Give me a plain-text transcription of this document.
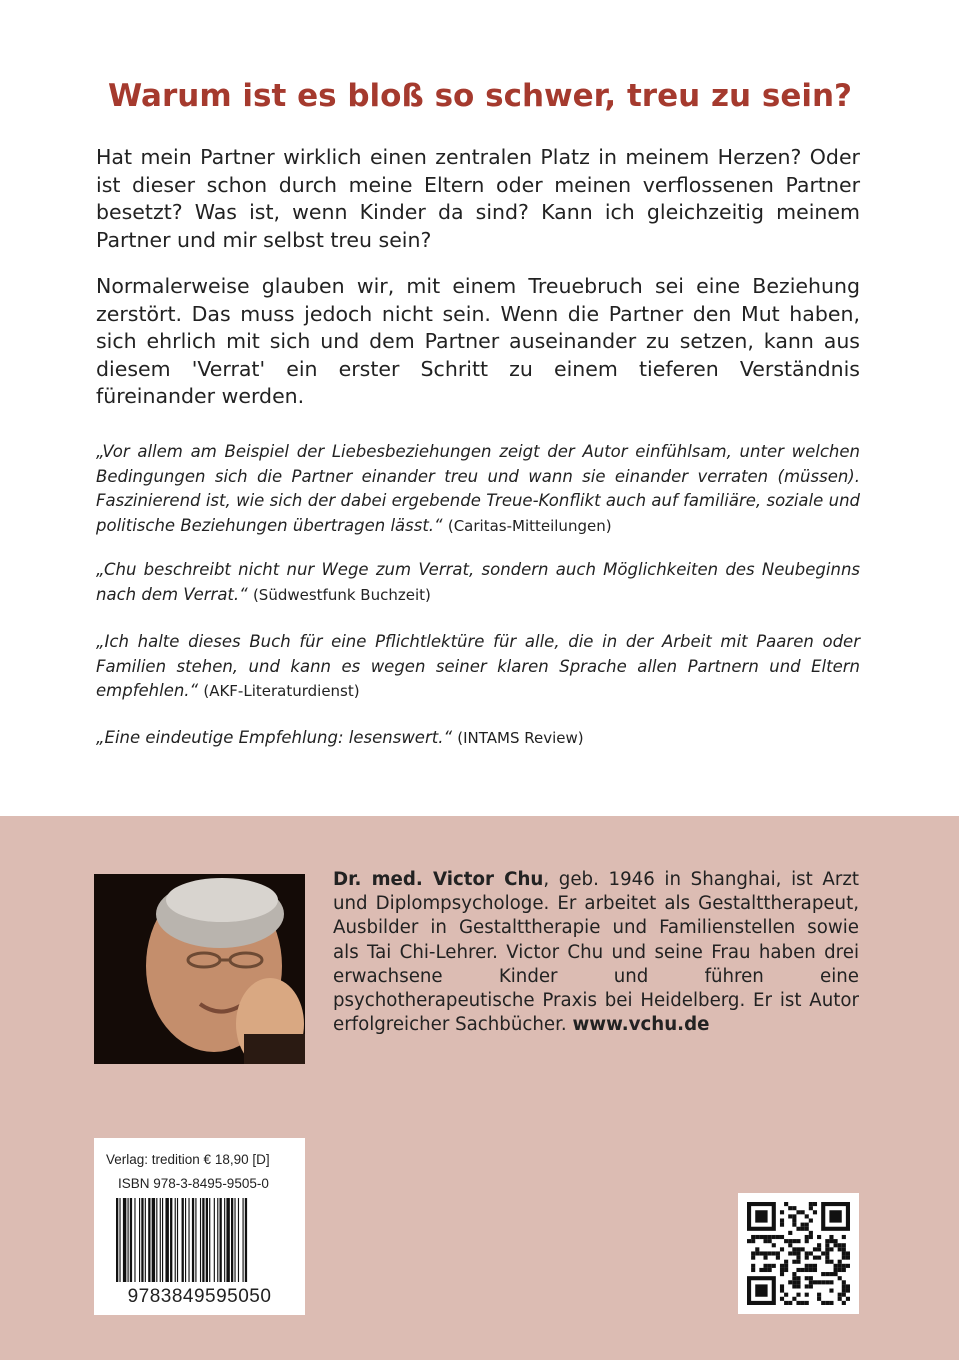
Warum ist es bloß so schwer, treu zu sein?

Hat mein Partner wirklich einen zentralen Platz in meinem Herzen? Oder ist dieser schon durch meine Eltern oder meinen verflossenen Partner besetzt? Was ist, wenn Kinder da sind? Kann ich gleichzeitig meinem Partner und mir selbst treu sein?

Normalerweise glauben wir, mit einem Treuebruch sei eine Beziehung zerstört. Das muss jedoch nicht sein. Wenn die Partner den Mut haben, sich ehrlich mit sich und dem Partner auseinander zu setzen, kann aus diesem 'Verrat' ein erster Schritt zu einem tieferen Verständnis füreinander werden.

„Vor allem am Beispiel der Liebesbeziehungen zeigt der Autor einfühlsam, unter welchen Bedingungen sich die Partner einander treu und wann sie einander verraten (müssen). Faszinierend ist, wie sich der dabei ergebende Treue-Konflikt auch auf familiäre, soziale und politische Beziehungen übertragen lässt.“ (Caritas-Mitteilungen)

„Chu beschreibt nicht nur Wege zum Verrat, sondern auch Möglichkeiten des Neubeginns nach dem Verrat.“ (Südwestfunk Buchzeit)

„Ich halte dieses Buch für eine Pflichtlektüre für alle, die in der Arbeit mit Paaren oder Familien stehen, und kann es wegen seiner klaren Sprache allen Partnern und Eltern empfehlen.“ (AKF-Literaturdienst)

„Eine eindeutige Empfehlung: lesenswert.“ (INTAMS Review)

Dr. med. Victor Chu, geb. 1946 in Shanghai, ist Arzt und Diplompsychologe. Er arbeitet als Gestalttherapeut, Ausbilder in Gestalttherapie und Familienstellen sowie als Tai Chi-Lehrer. Victor Chu und seine Frau haben drei erwachsene Kinder und führen eine psychotherapeutische Praxis bei Heidelberg. Er ist Autor erfolgreicher Sachbücher. www.vchu.de

Verlag: tredition € 18,90 [D]
ISBN 978-3-8495-9505-0
9783849595050
